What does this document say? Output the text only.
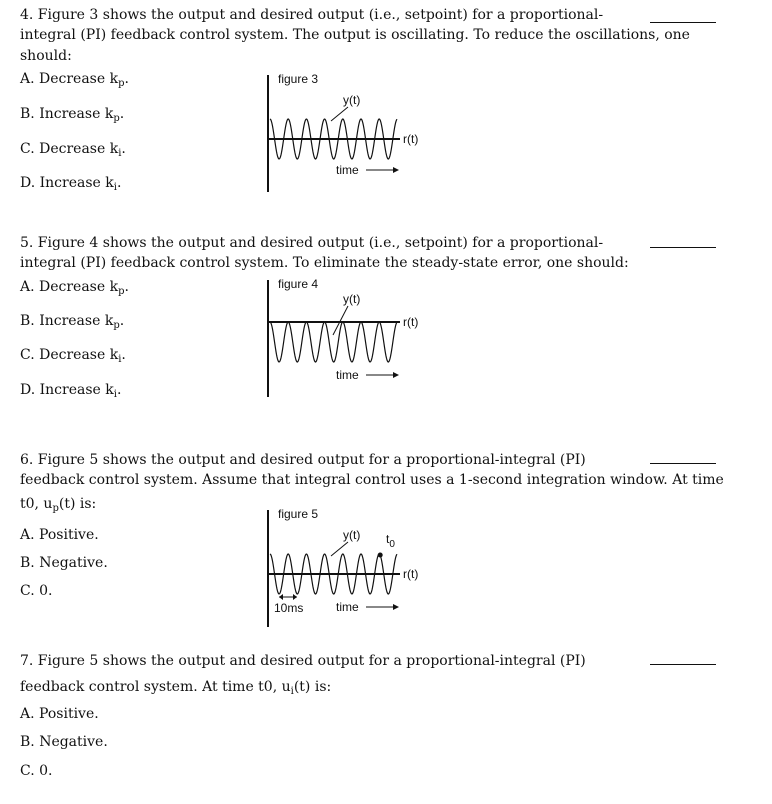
4. Figure 3 shows the output and desired output (i.e., setpoint) for a proportional-
integral (PI) feedback control system. The output is oscillating. To reduce the oscillations, one
should:
A. Decrease $k_p$.
B. Increase $k_p$.
C. Decrease $k_i$.
D. Increase $k_i$.
figure 3
y(t)
r(t)
time
5. Figure 4 shows the output and desired output (i.e., setpoint) for a proportional-
integral (PI) feedback control system. To eliminate the steady-state error, one should:
A. Decrease $k_p$.
B. Increase $k_p$.
C. Decrease $k_i$.
D. Increase $k_i$.
figure 4
y(t)
r(t)
time
6. Figure 5 shows the output and desired output for a proportional-integral (PI)
feedback control system. Assume that integral control uses a 1-second integration window. At time
t0, $u_p(t)$ is:
A. Positive.
B. Negative.
C. 0.
figure 5
y(t)
r(t)
time
10ms
$t_0$
7. Figure 5 shows the output and desired output for a proportional-integral (PI)
feedback control system. At time t0, $u_i(t)$ is:
A. Positive.
B. Negative.
C. 0.
